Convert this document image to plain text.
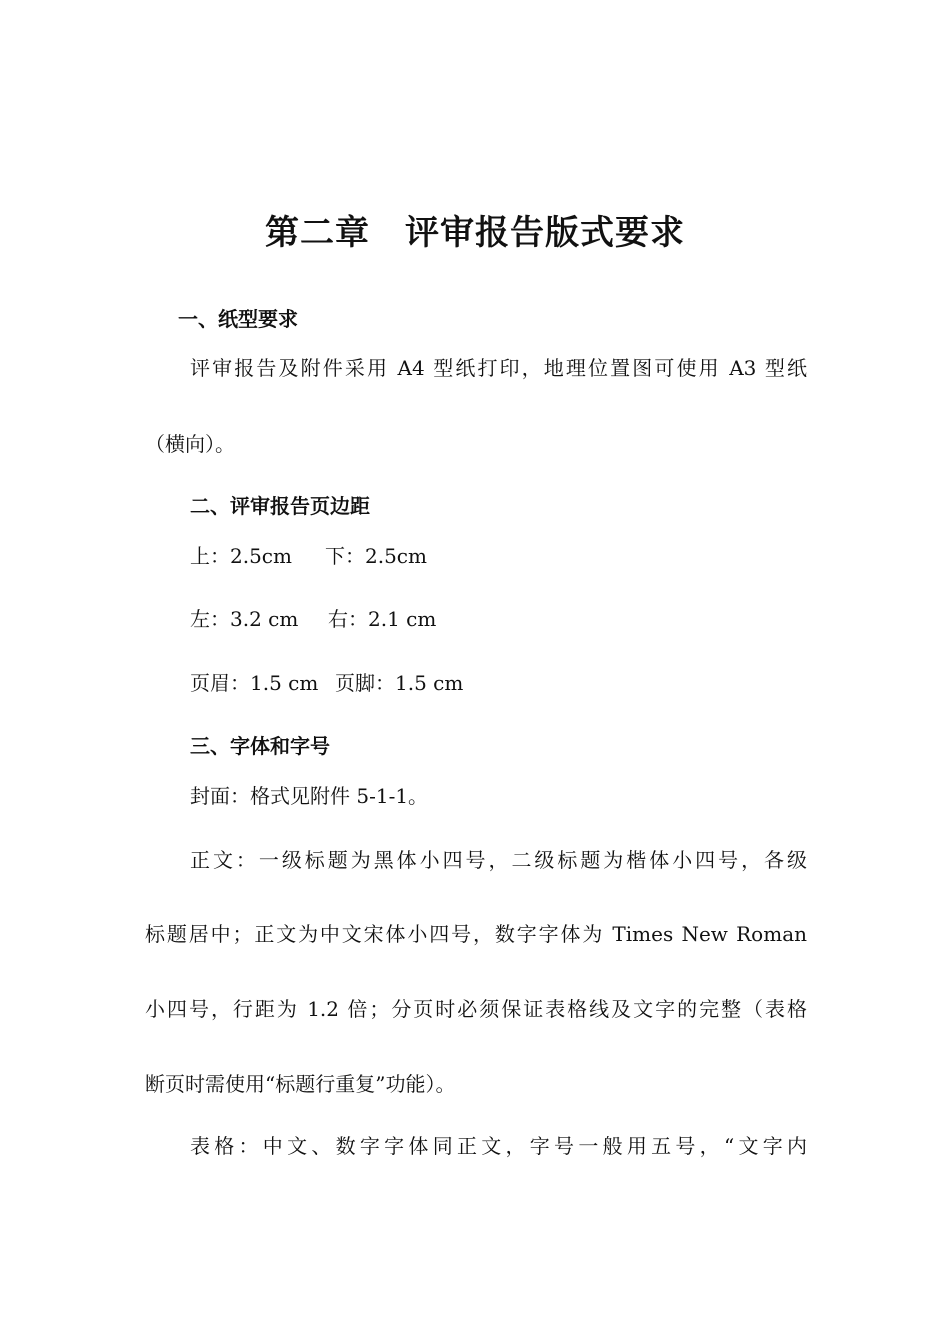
第二章　评审报告版式要求
一、纸型要求
评审报告及附件采用 A4 型纸打印，地理位置图可使用 A3 型纸
（横向）。
二、评审报告页边距
上：2.5cm 下：2.5cm
左：3.2 cm 右：2.1 cm
页眉：1.5 cm 页脚：1.5 cm
三、字体和字号
封面：格式见附件 5-1-1。
正文：一级标题为黑体小四号，二级标题为楷体小四号，各级
标题居中；正文为中文宋体小四号，数字字体为 Times New Roman
小四号，行距为 1.2 倍；分页时必须保证表格线及文字的完整（表格
断页时需使用“标题行重复”功能）。
表格：中文、数字字体同正文，字号一般用五号，“文字内
